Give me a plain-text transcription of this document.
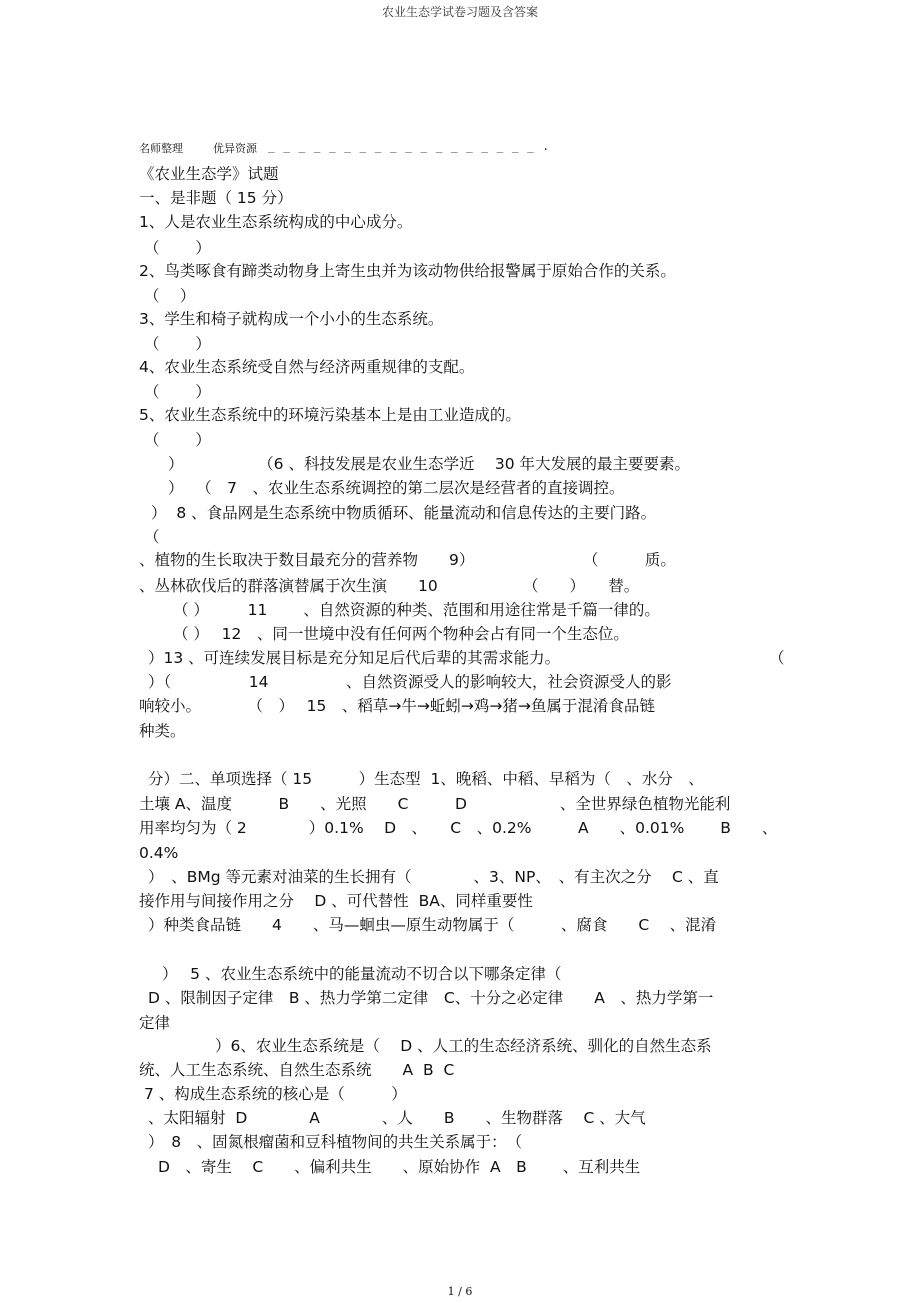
农业生态学试卷习题及含答案
名师整理	优异资源 _ _ _ _ _ _ _ _ _ _ _ _ _ _ _ _ _ _ .
《农业生态学》试题
一、是非题（ 15 分）
1、人是农业生态系统构成的中心成分。
（　　 ）
2、鸟类啄食有蹄类动物身上寄生虫并为该动物供给报警属于原始合作的关系。
（　 ）
3、学生和椅子就构成一个小小的生态系统。
（　　 ）
4、农业生态系统受自然与经济两重规律的支配。
（　　 ）
5、农业生态系统中的环境污染基本上是由工业造成的。
（　　 ）
）　　　　　 （6 、科技发展是农业生态学近　 30 年大发展的最主要要素。
）　 （　7　、农业生态系统调控的第二层次是经营者的直接调控。
）  8 、食品网是生态系统中物质循环、能量流动和信息传达的主要门路。
（
、植物的生长取决于数目最充分的营养物　　9）　　　　　　　　（　　　质。
、丛林砍伐后的群落演替属于次生演　　10　　　　　　（　　）　　替。
（ ）　　　11　　 、自然资源的种类、范围和用途往常是千篇一律的。
（ ）　 12　、同一世境中没有任何两个物种会占有同一个生态位。
）13 、可连续发展目标是充分知足后代后辈的其需求能力。	（
）（　　　　　14　　　　　、自然资源受人的影响较大，社会资源受人的影
响较小。　　　　（　）　 15　、稻草→牛→蚯蚓→鸡→猪→鱼属于混淆食品链
种类。
分）二、单项选择（ 15　　　）生态型  1、晚稻、中稻、早稻为（　、水分　、
土壤 A、温度　　　B　　、光照　　C　　　D　　　　　　、全世界绿色植物光能利
用率均匀为（ 2　　　　）0.1%　 D　、　　C　、0.2%　　　A　　、0.01%　　 B　　、
0.4%
）　、BMg 等元素对油菜的生长拥有（　　　　、3、NP、　、有主次之分　 C 、直
接作用与间接作用之分　 D 、可代替性  BA、同样重要性
）种类食品链　　4　　、马—蛔虫—原生动物属于（　　　、腐食　　C　 、混淆
）　 5 、农业生态系统中的能量流动不切合以下哪条定律（
D 、限制因子定律　B 、热力学第二定律　C、十分之必定律　　A　、热力学第一
定律
）6、农业生态系统是（　 D 、人工的生态经济系统、驯化的自然生态系
统、人工生态系统、自然生态系统　　A  B  C
7 、构成生态系统的核心是（　　　）
、太阳辐射  D　　　　A　　　　、人　　B　　、生物群落　 C 、大气
）　8　、固氮根瘤菌和豆科植物间的共生关系属于：　（
D　、寄生　 C　　、偏利共生　　、原始协作  A　B　　 、互利共生
1 / 6
